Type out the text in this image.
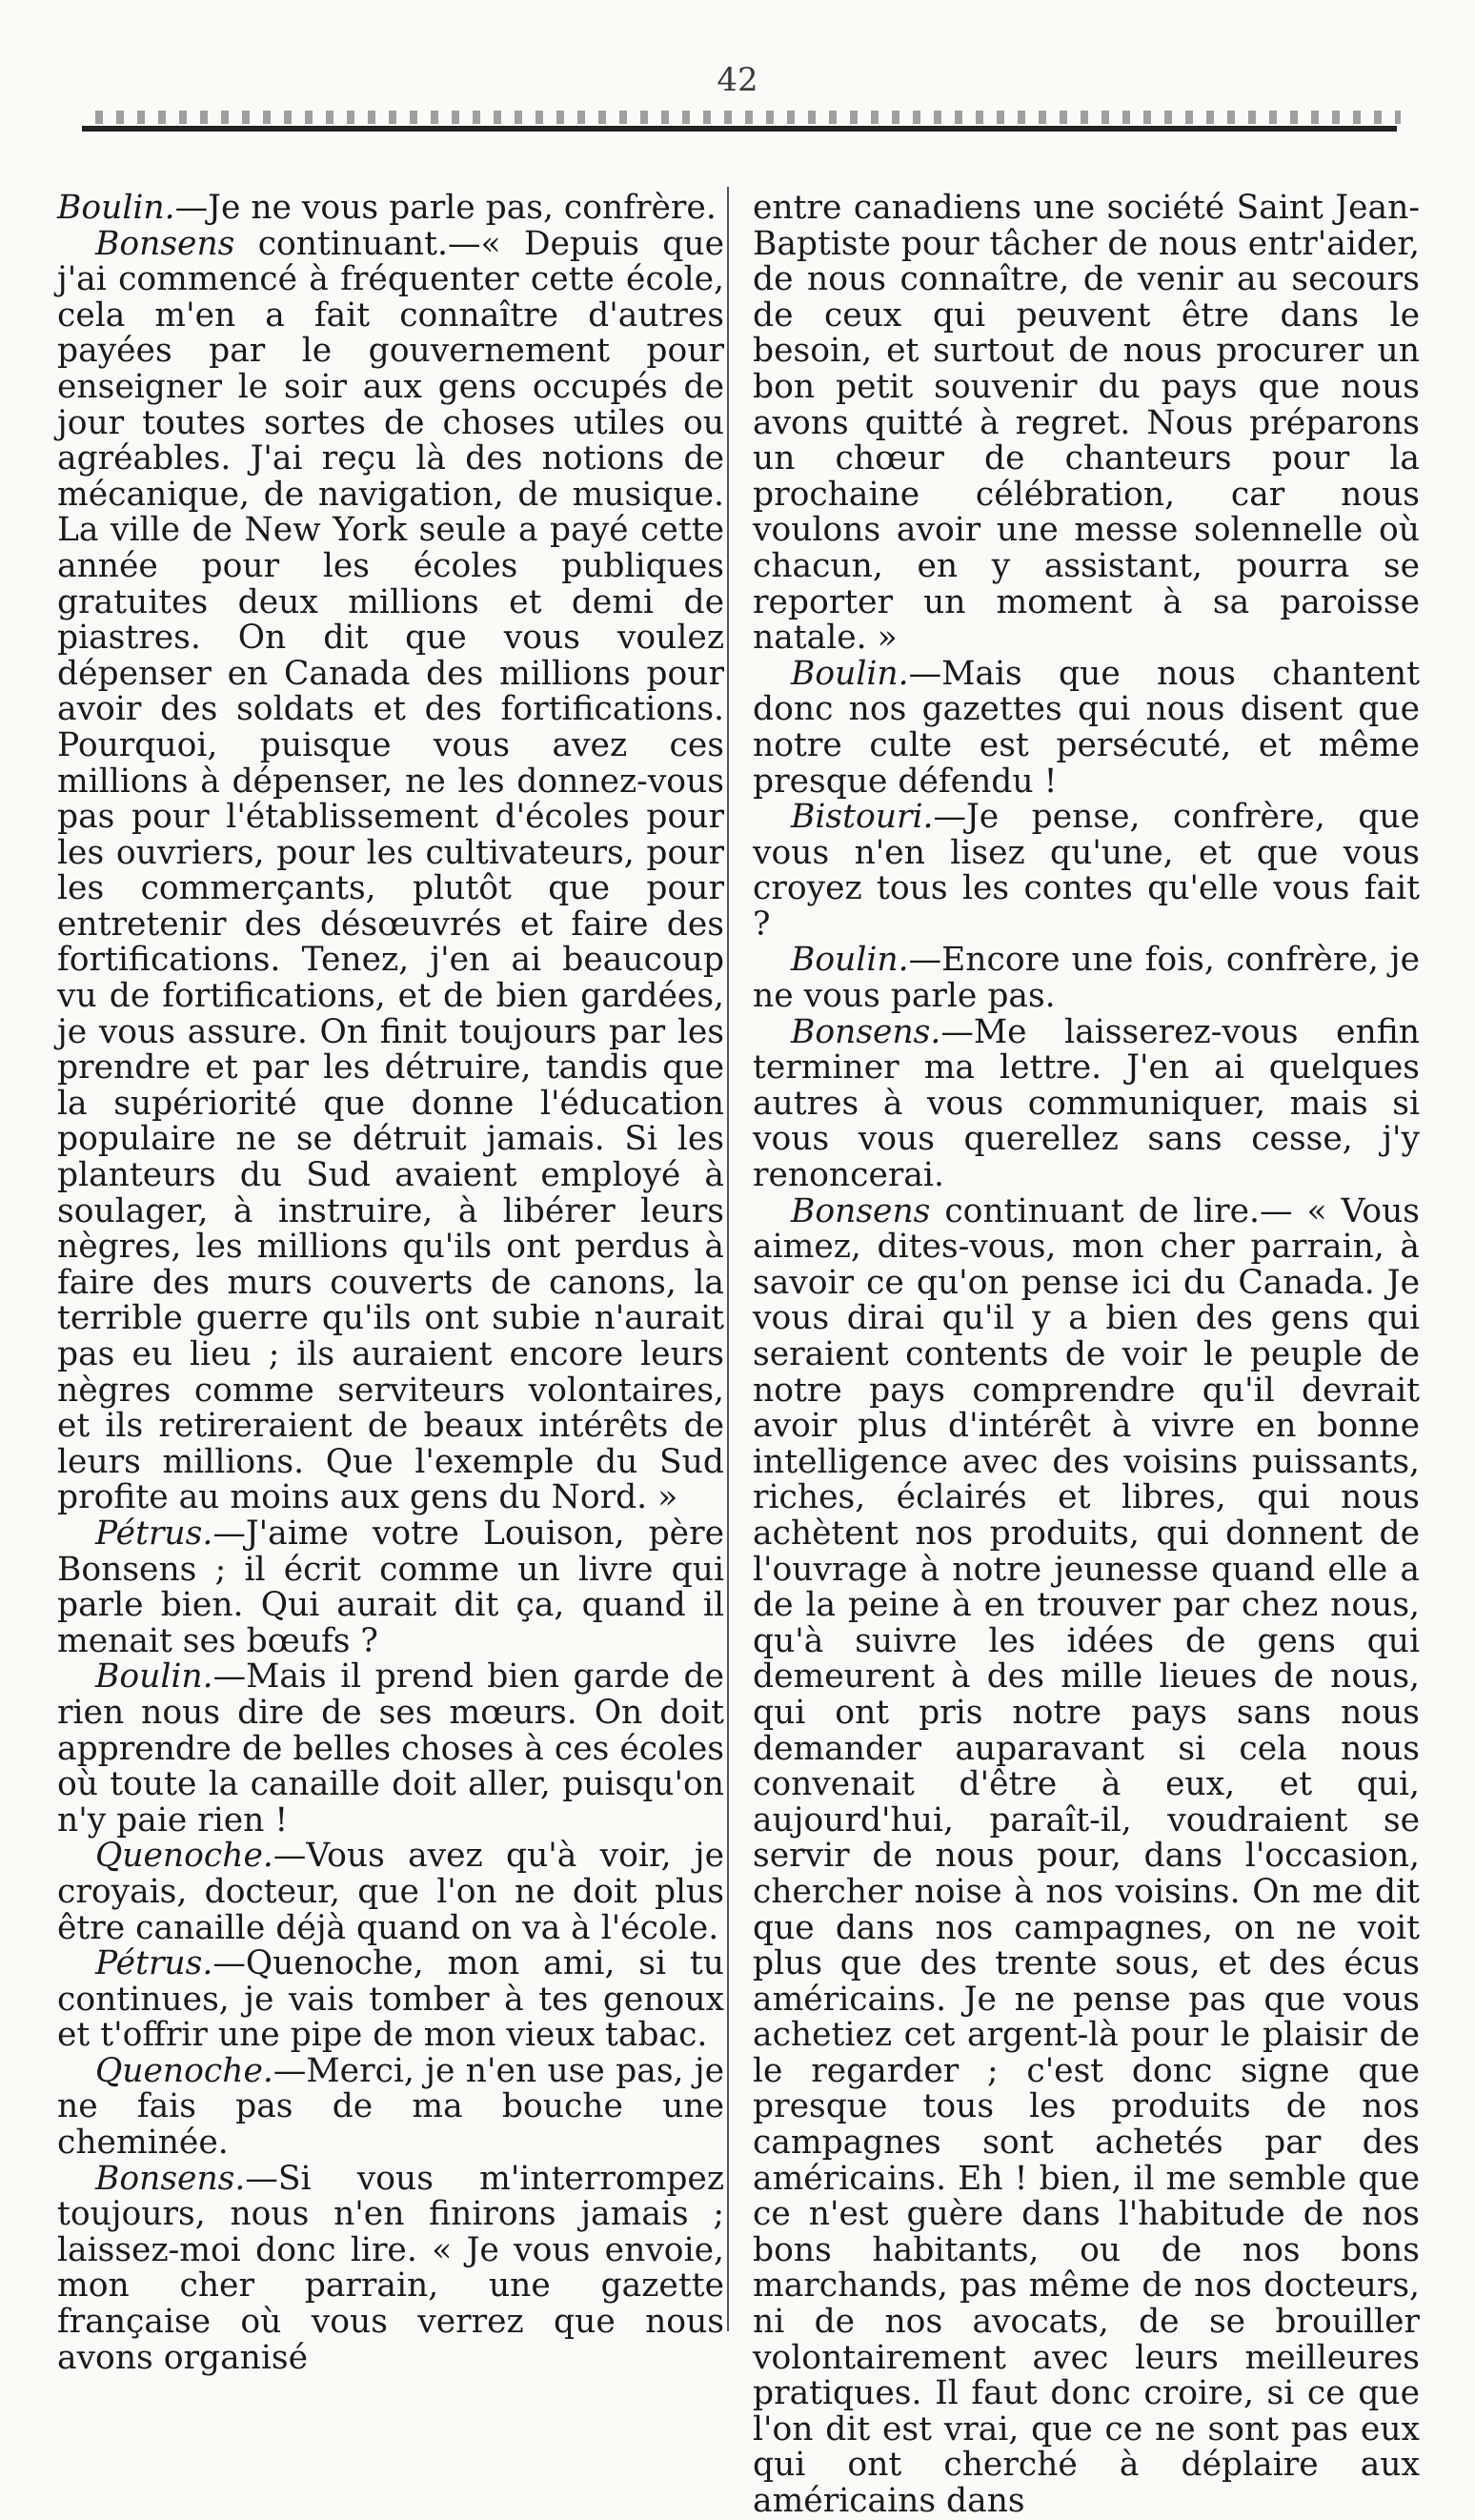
42

Boulin.—Je ne vous parle pas, confrère.

Bonsens continuant.—« Depuis que j'ai commencé à fréquenter cette école, cela m'en a fait connaître d'autres payées par le gouvernement pour enseigner le soir aux gens occupés de jour toutes sortes de choses utiles ou agréables. J'ai reçu là des notions de mécanique, de navigation, de musique. La ville de New York seule a payé cette année pour les écoles publiques gratuites deux millions et demi de piastres. On dit que vous voulez dépenser en Canada des millions pour avoir des soldats et des fortifications. Pourquoi, puisque vous avez ces millions à dépenser, ne les donnez-vous pas pour l'établissement d'écoles pour les ouvriers, pour les cultivateurs, pour les commerçants, plutôt que pour entretenir des désœuvrés et faire des fortifications. Tenez, j'en ai beaucoup vu de fortifications, et de bien gardées, je vous assure. On finit toujours par les prendre et par les détruire, tandis que la supériorité que donne l'éducation populaire ne se détruit jamais. Si les planteurs du Sud avaient employé à soulager, à instruire, à libérer leurs nègres, les millions qu'ils ont perdus à faire des murs couverts de canons, la terrible guerre qu'ils ont subie n'aurait pas eu lieu ; ils auraient encore leurs nègres comme serviteurs volontaires, et ils retireraient de beaux intérêts de leurs millions. Que l'exemple du Sud profite au moins aux gens du Nord. »

Pétrus.—J'aime votre Louison, père Bonsens ; il écrit comme un livre qui parle bien. Qui aurait dit ça, quand il menait ses bœufs ?

Boulin.—Mais il prend bien garde de rien nous dire de ses mœurs. On doit apprendre de belles choses à ces écoles où toute la canaille doit aller, puisqu'on n'y paie rien !

Quenoche.—Vous avez qu'à voir, je croyais, docteur, que l'on ne doit plus être canaille déjà quand on va à l'école.

Pétrus.—Quenoche, mon ami, si tu continues, je vais tomber à tes genoux et t'offrir une pipe de mon vieux tabac.

Quenoche.—Merci, je n'en use pas, je ne fais pas de ma bouche une cheminée.

Bonsens.—Si vous m'interrompez toujours, nous n'en finirons jamais ; laissez-moi donc lire. « Je vous envoie, mon cher parrain, une gazette française où vous verrez que nous avons organisé

entre canadiens une société Saint Jean-Baptiste pour tâcher de nous entr'aider, de nous connaître, de venir au secours de ceux qui peuvent être dans le besoin, et surtout de nous procurer un bon petit souvenir du pays que nous avons quitté à regret. Nous préparons un chœur de chanteurs pour la prochaine célébration, car nous voulons avoir une messe solennelle où chacun, en y assistant, pourra se reporter un moment à sa paroisse natale. »

Boulin.—Mais que nous chantent donc nos gazettes qui nous disent que notre culte est persécuté, et même presque défendu !

Bistouri.—Je pense, confrère, que vous n'en lisez qu'une, et que vous croyez tous les contes qu'elle vous fait ?

Boulin.—Encore une fois, confrère, je ne vous parle pas.

Bonsens.—Me laisserez-vous enfin terminer ma lettre. J'en ai quelques autres à vous communiquer, mais si vous vous querellez sans cesse, j'y renoncerai.

Bonsens continuant de lire.— « Vous aimez, dites-vous, mon cher parrain, à savoir ce qu'on pense ici du Canada. Je vous dirai qu'il y a bien des gens qui seraient contents de voir le peuple de notre pays comprendre qu'il devrait avoir plus d'intérêt à vivre en bonne intelligence avec des voisins puissants, riches, éclairés et libres, qui nous achètent nos produits, qui donnent de l'ouvrage à notre jeunesse quand elle a de la peine à en trouver par chez nous, qu'à suivre les idées de gens qui demeurent à des mille lieues de nous, qui ont pris notre pays sans nous demander auparavant si cela nous convenait d'être à eux, et qui, aujourd'hui, paraît-il, voudraient se servir de nous pour, dans l'occasion, chercher noise à nos voisins. On me dit que dans nos campagnes, on ne voit plus que des trente sous, et des écus américains. Je ne pense pas que vous achetiez cet argent-là pour le plaisir de le regarder ; c'est donc signe que presque tous les produits de nos campagnes sont achetés par des américains. Eh ! bien, il me semble que ce n'est guère dans l'habitude de nos bons habitants, ou de nos bons marchands, pas même de nos docteurs, ni de nos avocats, de se brouiller volontairement avec leurs meilleures pratiques. Il faut donc croire, si ce que l'on dit est vrai, que ce ne sont pas eux qui ont cherché à déplaire aux américains dans
